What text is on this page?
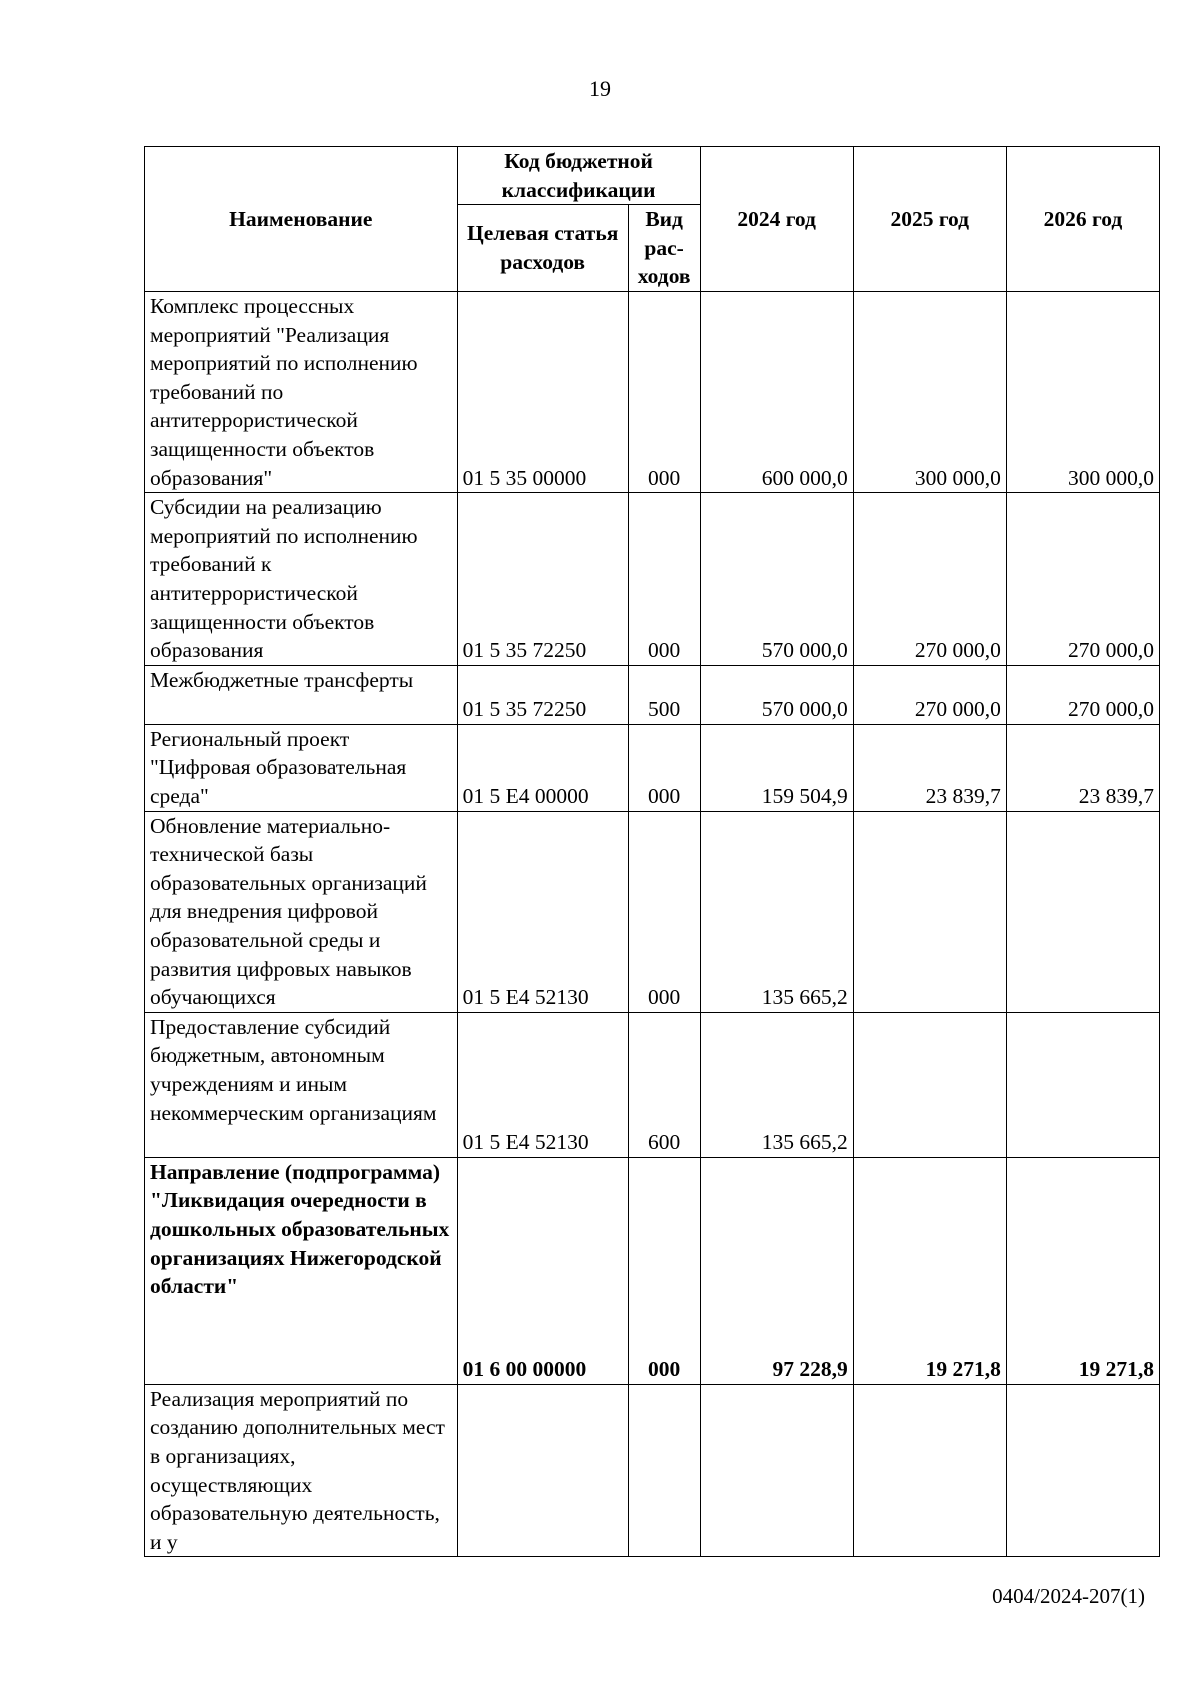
19
Наименование	Код бюджетной классификации		2024 год	2025 год	2026 год
	Целевая статья расходов	Вид рас-ходов			
Комплекс процессных мероприятий "Реализация мероприятий по исполнению требований по антитеррористической защищенности объектов образования"	01 5 35 00000	000	600 000,0	300 000,0	300 000,0
Субсидии на реализацию мероприятий по исполнению требований к антитеррористической защищенности объектов образования	01 5 35 72250	000	570 000,0	270 000,0	270 000,0
Межбюджетные трансферты	01 5 35 72250	500	570 000,0	270 000,0	270 000,0
Региональный проект "Цифровая образовательная среда"	01 5 Е4 00000	000	159 504,9	23 839,7	23 839,7
Обновление материально-технической базы образовательных организаций для внедрения цифровой образовательной среды и развития цифровых навыков обучающихся	01 5 Е4 52130	000	135 665,2		
Предоставление субсидий бюджетным, автономным учреждениям и иным некоммерческим организациям	01 5 Е4 52130	600	135 665,2		
Направление (подпрограмма) "Ликвидация очередности в дошкольных образовательных организациях Нижегородской области"	01 6 00 00000	000	97 228,9	19 271,8	19 271,8
Реализация мероприятий по созданию дополнительных мест в организациях, осуществляющих образовательную деятельность, и у					
0404/2024-207(1)
